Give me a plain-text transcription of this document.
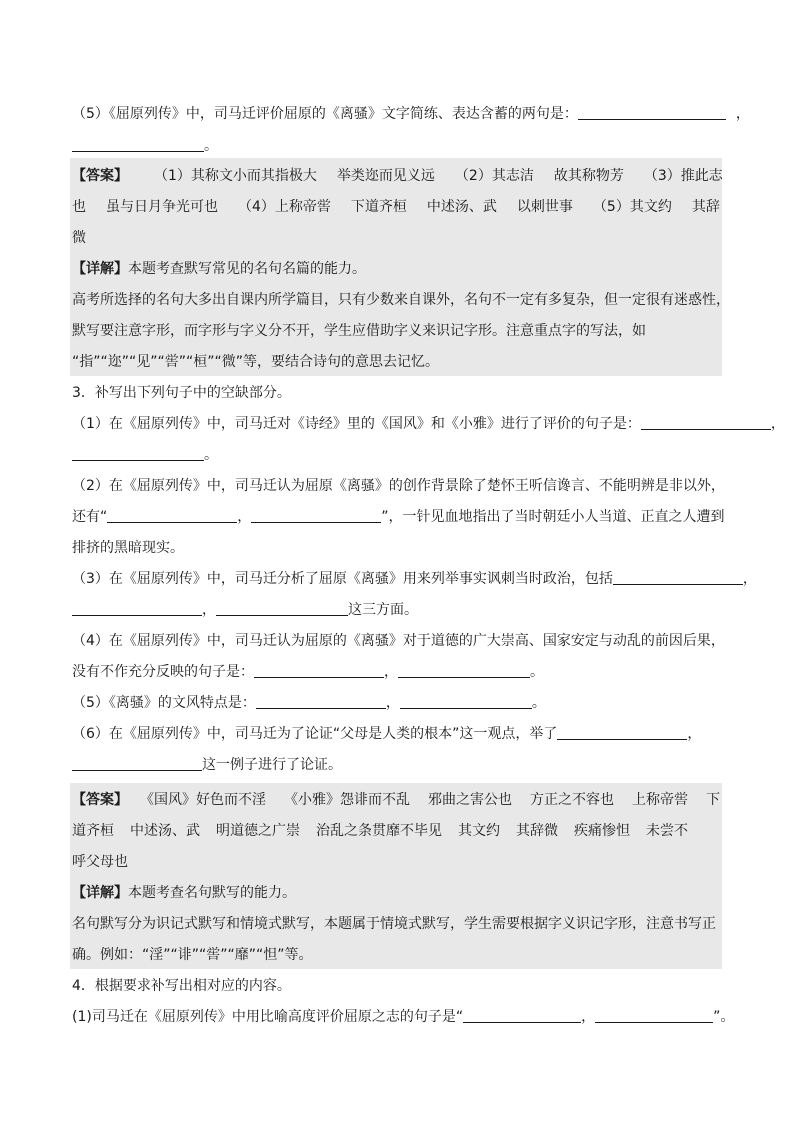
（5）《屈原列传》中，司马迁评价屈原的《离骚》文字简练、表达含蓄的两句是：	，
。
【答案】 （1）其称文小而其指极大 举类迩而见义远 （2）其志洁 故其称物芳 （3）推此志
也 虽与日月争光可也 （4）上称帝喾 下道齐桓 中述汤、武 以刺世事 （5）其文约 其辞
微
【详解】本题考查默写常见的名句名篇的能力。
高考所选择的名句大多出自课内所学篇目，只有少数来自课外，名句不一定有多复杂，但一定很有迷惑性，
默写要注意字形，而字形与字义分不开，学生应借助字义来识记字形。注意重点字的写法，如
“指”“迩”“见”“喾”“桓”“微”等，要结合诗句的意思去记忆。
3．补写出下列句子中的空缺部分。
（1）在《屈原列传》中，司马迁对《诗经》里的《国风》和《小雅》进行了评价的句子是：	，
。
（2）在《屈原列传》中，司马迁认为屈原《离骚》的创作背景除了楚怀王听信谗言、不能明辨是非以外，
还有“	，	”，一针见血地指出了当时朝廷小人当道、正直之人遭到
排挤的黑暗现实。
（3）在《屈原列传》中，司马迁分析了屈原《离骚》用来列举事实讽刺当时政治，包括	，
，	这三方面。
（4）在《屈原列传》中，司马迁认为屈原的《离骚》对于道德的广大崇高、国家安定与动乱的前因后果，
没有不作充分反映的句子是：	，	。
（5）《离骚》的文风特点是：	，	。
（6）在《屈原列传》中，司马迁为了论证“父母是人类的根本”这一观点，举了	，
这一例子进行了论证。
【答案】 《国风》好色而不淫 《小雅》怨诽而不乱 邪曲之害公也 方正之不容也 上称帝喾 下
道齐桓 中述汤、武 明道德之广崇 治乱之条贯靡不毕见 其文约 其辞微 疾痛惨怛 未尝不
呼父母也
【详解】本题考查名句默写的能力。
名句默写分为识记式默写和情境式默写，本题属于情境式默写，学生需要根据字义识记字形，注意书写正
确。例如：“淫”“诽”“喾”“靡”“怛”等。
4．根据要求补写出相对应的内容。
(1)司马迁在《屈原列传》中用比喻高度评价屈原之志的句子是“	，	”。
